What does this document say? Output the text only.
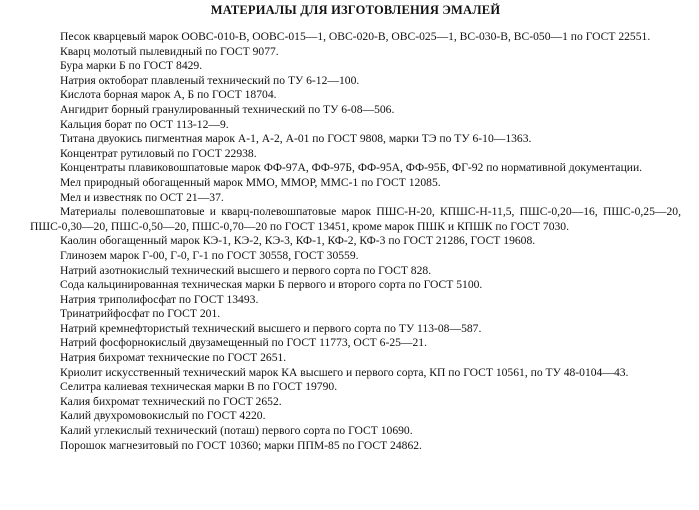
МАТЕРИАЛЫ ДЛЯ ИЗГОТОВЛЕНИЯ ЭМАЛЕЙ

Песок кварцевый марок ООВС-010-В, ООВС-015—1, ОВС-020-В, ОВС-025—1, ВС-030-В, ВС-050—1 по ГОСТ 22551.

Кварц молотый пылевидный по ГОСТ 9077.

Бура марки Б по ГОСТ 8429.

Натрия октоборат плавленый технический по ТУ 6-12—100.

Кислота борная марок А, Б по ГОСТ 18704.

Ангидрит борный гранулированный технический по ТУ 6-08—506.

Кальция борат по ОСТ 113-12—9.

Титана двуокись пигментная марок А-1, А-2, А-01 по ГОСТ 9808, марки ТЭ по ТУ 6-10—1363.

Концентрат рутиловый по ГОСТ 22938.

Концентраты плавиковошпатовые марок ФФ-97А, ФФ-97Б, ФФ-95А, ФФ-95Б, ФГ-92 по нормативной документации.

Мел природный обогащенный марок ММО, ММОР, ММС-1 по ГОСТ 12085.

Мел и известняк по ОСТ 21—37.

Материалы полевошпатовые и кварц-полевошпатовые марок ПШС-Н-20, КПШС-Н-11,5, ПШС-0,20—16, ПШС-0,25—20, ПШС-0,30—20, ПШС-0,50—20, ПШС-0,70—20 по ГОСТ 13451, кроме марок ПШК и КПШК по ГОСТ 7030.

Каолин обогащенный марок КЭ-1, КЭ-2, КЭ-3, КФ-1, КФ-2, КФ-3 по ГОСТ 21286, ГОСТ 19608.

Глинозем марок Г-00, Г-0, Г-1 по ГОСТ 30558, ГОСТ 30559.

Натрий азотнокислый технический высшего и первого сорта по ГОСТ 828.

Сода кальцинированная техническая марки Б первого и второго сорта по ГОСТ 5100.

Натрия триполифосфат по ГОСТ 13493.

Тринатрийфосфат по ГОСТ 201.

Натрий кремнефтористый технический высшего и первого сорта по ТУ 113-08—587.

Натрий фосфорнокислый двузамещенный по ГОСТ 11773, ОСТ 6-25—21.

Натрия бихромат технические по ГОСТ 2651.

Криолит искусственный технический марок КА высшего и первого сорта, КП по ГОСТ 10561, по ТУ 48-0104—43.

Селитра калиевая техническая марки В по ГОСТ 19790.

Калия бихромат технический по ГОСТ 2652.

Калий двухромовокислый по ГОСТ 4220.

Калий углекислый технический (поташ) первого сорта по ГОСТ 10690.

Порошок магнезитовый по ГОСТ 10360; марки ППМ-85 по ГОСТ 24862.
